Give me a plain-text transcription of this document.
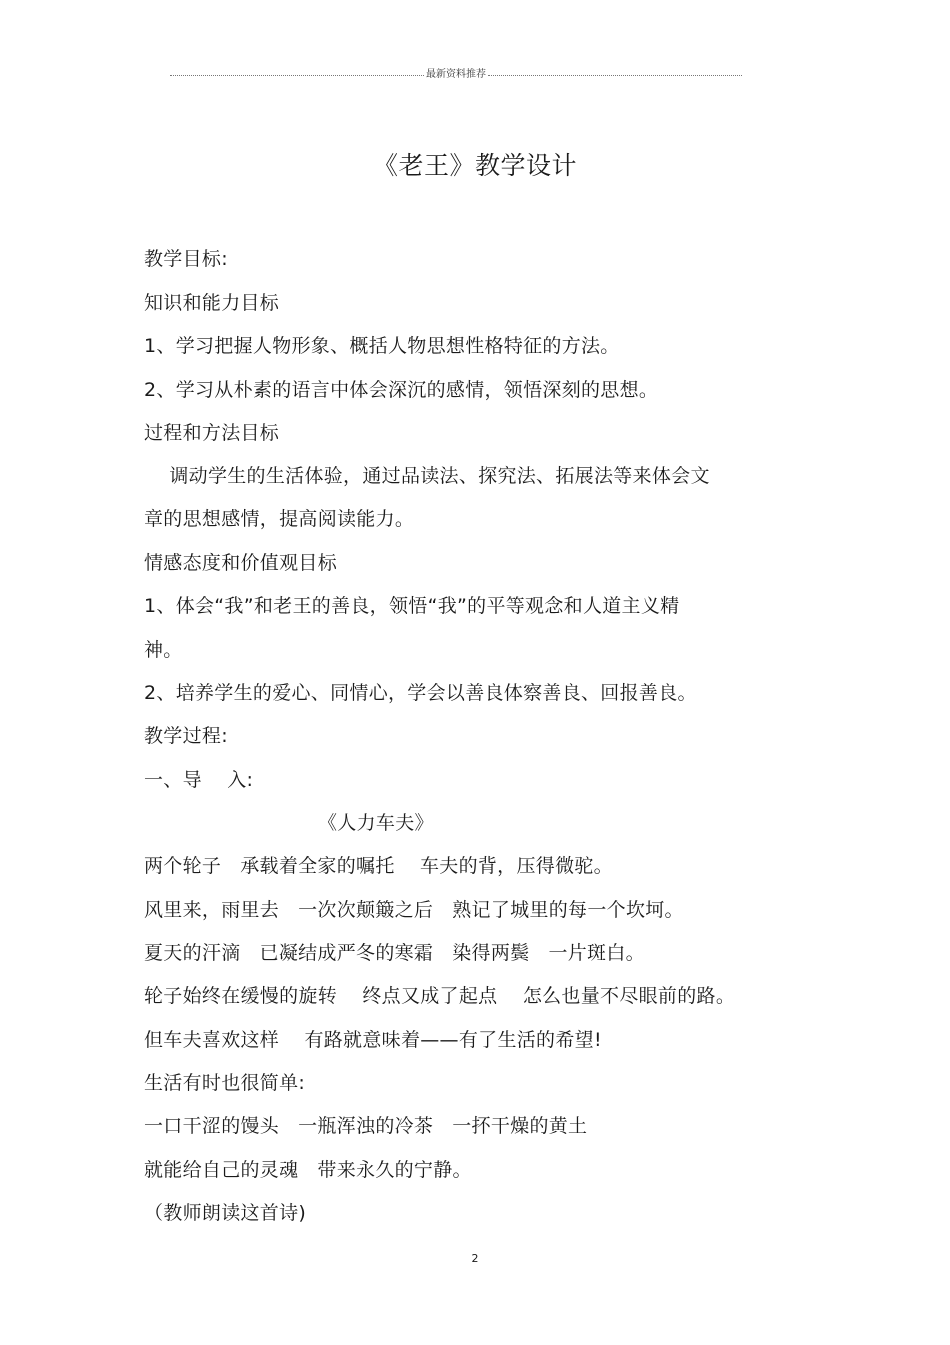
最新资料推荐
《老王》教学设计
教学目标:
知识和能力目标
1、学习把握人物形象、概括人物思想性格特征的方法。
2、学习从朴素的语言中体会深沉的感情，领悟深刻的思想。
过程和方法目标
调动学生的生活体验，通过品读法、探究法、拓展法等来体会文
章的思想感情，提高阅读能力。
情感态度和价值观目标
1、体会“我”和老王的善良，领悟“我”的平等观念和人道主义精
神。
2、培养学生的爱心、同情心，学会以善良体察善良、回报善良。
教学过程:
一、导    入:
《人力车夫》
两个轮子   承载着全家的嘱托    车夫的背，压得微驼。
风里来，雨里去   一次次颠簸之后   熟记了城里的每一个坎坷。
夏天的汗滴   已凝结成严冬的寒霜   染得两鬓   一片斑白。
轮子始终在缓慢的旋转    终点又成了起点    怎么也量不尽眼前的路。
但车夫喜欢这样    有路就意味着——有了生活的希望!
生活有时也很简单:
一口干涩的馒头   一瓶浑浊的冷茶   一抔干燥的黄土
就能给自己的灵魂   带来永久的宁静。
（教师朗读这首诗)
2
